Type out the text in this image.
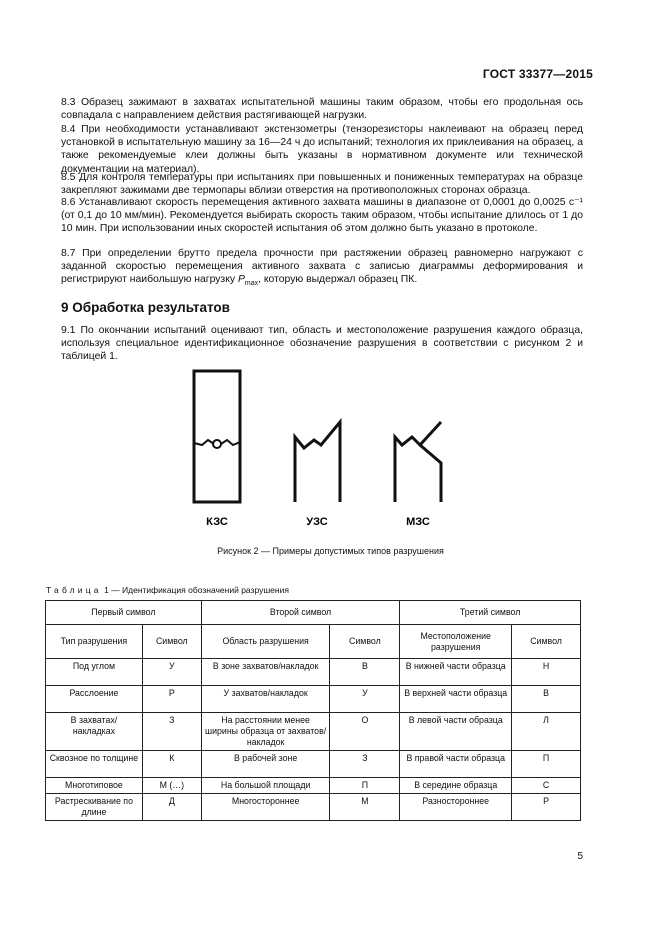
ГОСТ 33377—2015
8.3 Образец зажимают в захватах испытательной машины таким образом, чтобы его продольная ось совпадала с направлением действия растягивающей нагрузки.
8.4 При необходимости устанавливают экстензометры (тензорезисторы наклеивают на образец перед установкой в испытательную машину за 16—24 ч до испытаний; технология их приклеивания на образец, а также рекомендуемые клеи должны быть указаны в нормативном документе или технической документации на материал).
8.5 Для контроля температуры при испытаниях при повышенных и пониженных температурах на образце закрепляют зажимами две термопары вблизи отверстия на противоположных сторонах образца.
8.6 Устанавливают скорость перемещения активного захвата машины в диапазоне от 0,0001 до 0,0025 с⁻¹ (от 0,1 до 10 мм/мин). Рекомендуется выбирать скорость таким образом, чтобы испытание длилось от 1 до 10 мин. При использовании иных скоростей испытания об этом должно быть указано в протоколе.
8.7 При определении брутто предела прочности при растяжении образец равномерно нагружают с заданной скоростью перемещения активного захвата с записью диаграммы деформирования и регистрируют наибольшую нагрузку $P_{max}$, которую выдержал образец ПК.
9 Обработка результатов
9.1 По окончании испытаний оценивают тип, область и местоположение разрушения каждого образца, используя специальное идентификационное обозначение разрушения в соответствии с рисунком 2 и таблицей 1.
КЗС	УЗС	МЗС
Рисунок 2 — Примеры допустимых типов разрушения
Таблица 1 — Идентификация обозначений разрушения
Первый символ		Второй символ		Третий символ	
Тип разрушения	Символ	Область разрушения	Символ	Местоположение разрушения	Символ
Под углом	У	В зоне захватов/накладок	В	В нижней части образца	Н
Расслоение	Р	У захватов/накладок	У	В верхней части образца	В
В захватах/ накладках	З	На расстоянии менее ширины образца от захватов/накладок	О	В левой части образца	Л
Сквозное по толщине	К	В рабочей зоне	З	В правой части образца	П
Многотиповое	М (…)	На большой площади	П	В середине образца	С
Растрескивание по длине	Д	Многостороннее	М	Разностороннее	Р
5
